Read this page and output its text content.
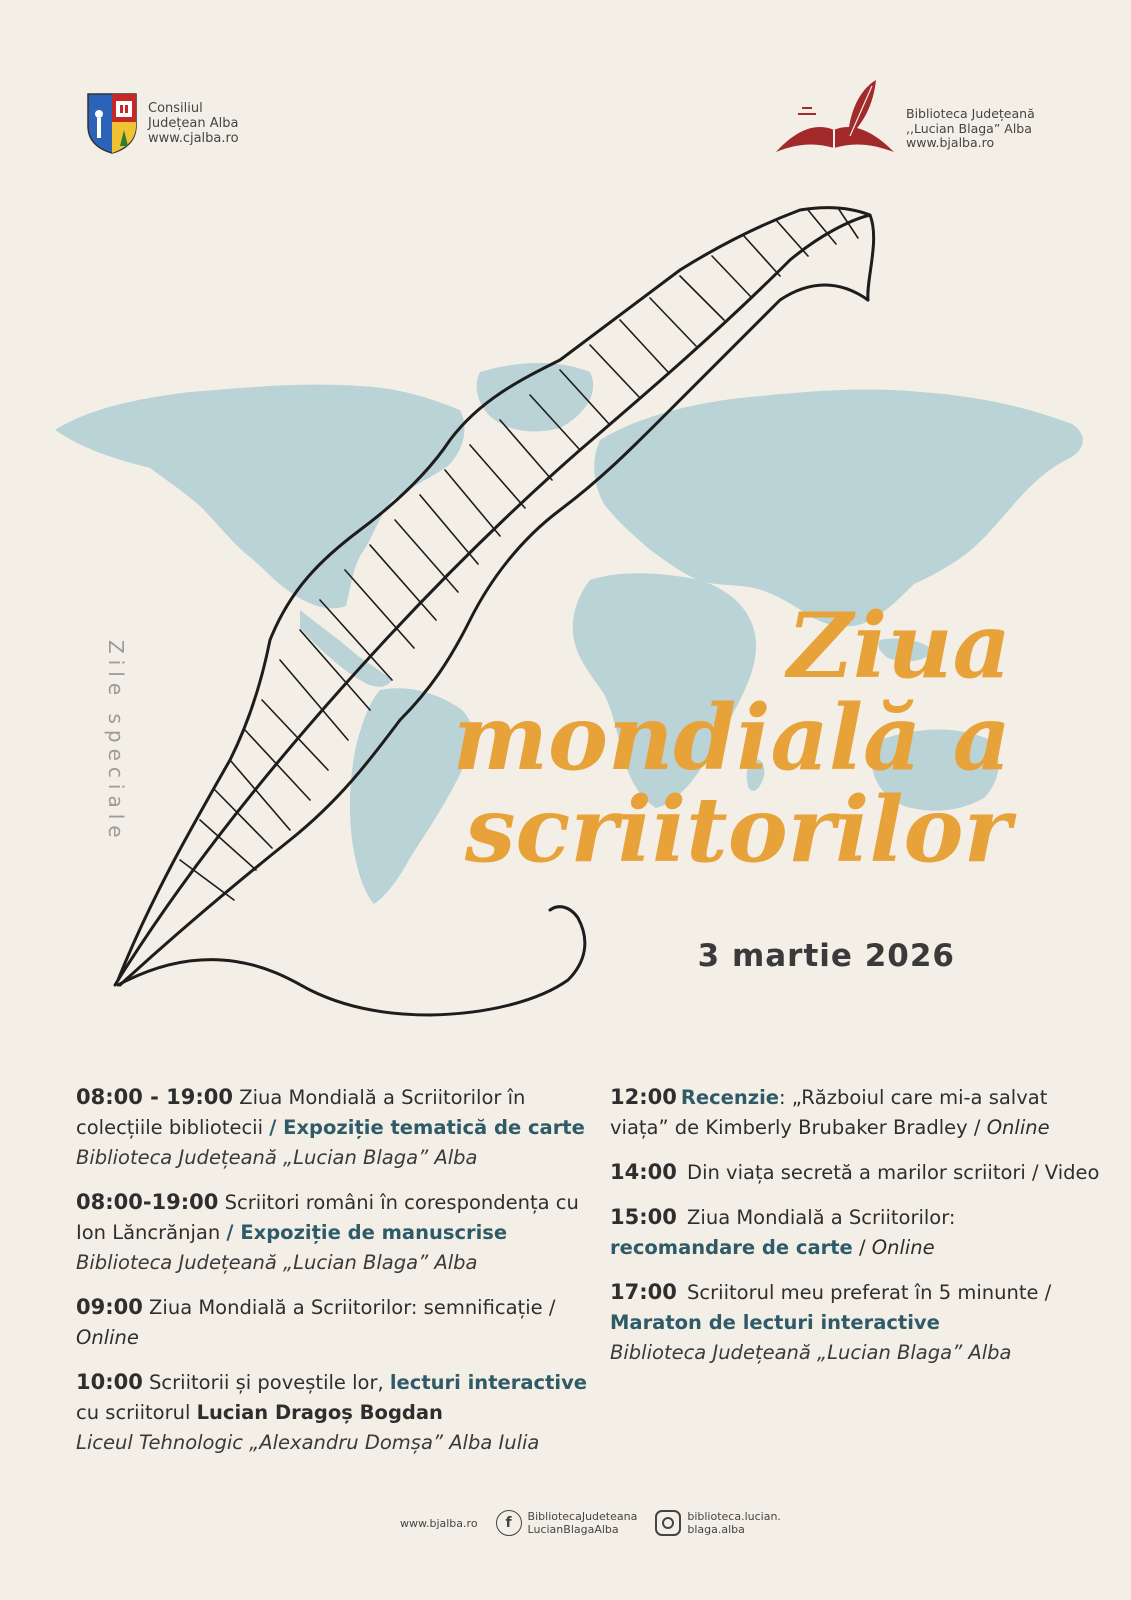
Consiliul
Județean Alba
www.cjalba.ro
Biblioteca Județeană
,,Lucian Blaga” Alba
www.bjalba.ro
Zile speciale	Ziua
mondială a
scriitorilor
3 martie 2026
08:00 - 19:00 Ziua Mondială a Scriitorilor în colecțiile bibliotecii / Expoziție tematică de carte
Biblioteca Județeană „Lucian Blaga” Alba
08:00-19:00 Scriitori români în corespondența cu Ion Lăncrănjan / Expoziție de manuscrise
Biblioteca Județeană „Lucian Blaga” Alba
09:00 Ziua Mondială a Scriitorilor: semnificație / Online
10:00 Scriitorii și poveștile lor, lecturi interactive cu scriitorul Lucian Dragoș Bogdan
Liceul Tehnologic „Alexandru Domșa” Alba Iulia
12:00 Recenzie: „Războiul care mi-a salvat viața” de Kimberly Brubaker Bradley / Online
14:00 Din viața secretă a marilor scriitori / Video
15:00 Ziua Mondială a Scriitorilor:
recomandare de carte / Online
17:00 Scriitorul meu preferat în 5 minunte /
Maraton de lecturi interactive
Biblioteca Județeană „Lucian Blaga” Alba
www.bjalba.ro	f	BibliotecaJudeteana
LucianBlagaAlba
biblioteca.lucian.
blaga.alba
